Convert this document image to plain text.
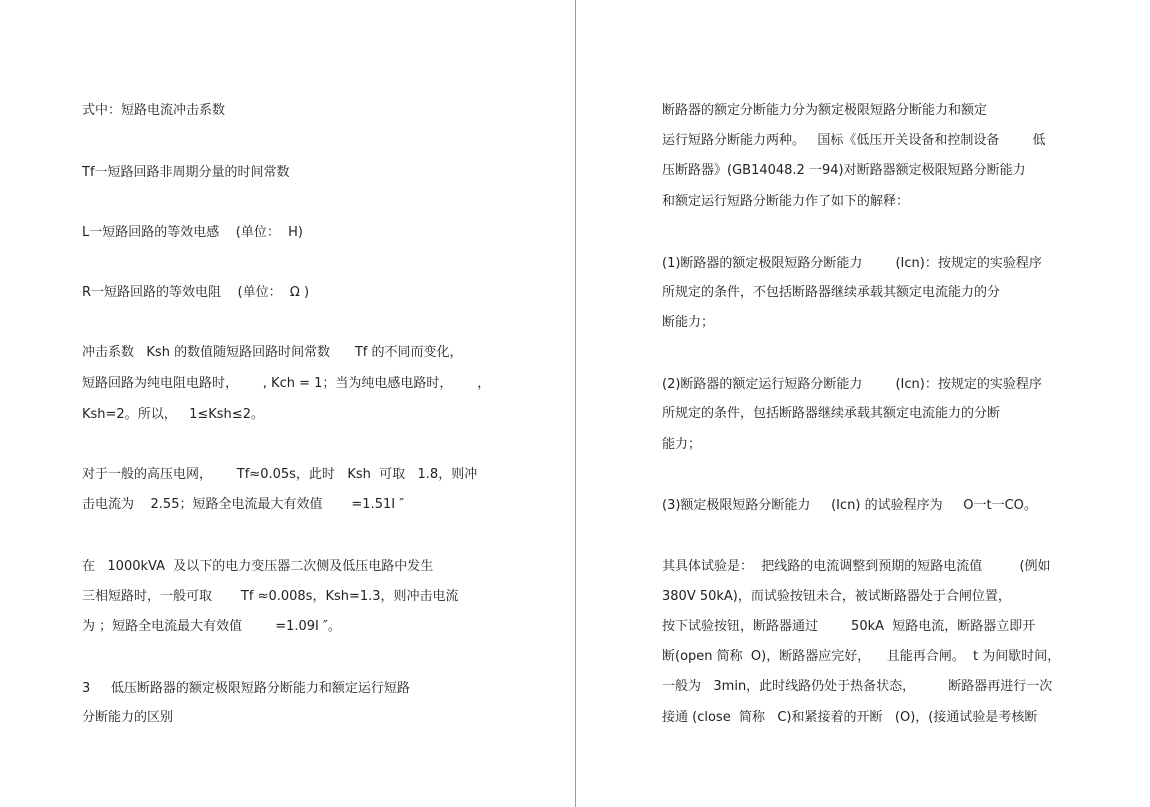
式中：短路电流冲击系数
Tf一短路回路非周期分量的时间常数
L一短路回路的等效电感    (单位：  H)
R一短路回路的等效电阻    (单位：  Ω )
冲击系数   Ksh 的数值随短路回路时间常数      Tf 的不同而变化，
短路回路为纯电阻电路时，      , Kch = 1；当为纯电感电路时，      ，
Ksh=2。所以，   1≤Ksh≤2。
对于一般的高压电网，      Tf≈0.05s，此时   Ksh  可取   1.8，则冲
击电流为    2.55；短路全电流最大有效值       =1.51I ″
在   1000kVA  及以下的电力变压器二次侧及低压电路中发生
三相短路时，一般可取       Tf ≈0.008s，Ksh=1.3，则冲击电流
为 ；短路全电流最大有效值        =1.09I ″。
3     低压断路器的额定极限短路分断能力和额定运行短路
分断能力的区别
断路器的额定分断能力分为额定极限短路分断能力和额定
运行短路分断能力两种。   国标《低压开关设备和控制设备        低
压断路器》(GB14048.2 一94)对断路器额定极限短路分断能力
和额定运行短路分断能力作了如下的解释：
(1)断路器的额定极限短路分断能力        (Icn)：按规定的实验程序
所规定的条件，不包括断路器继续承载其额定电流能力的分
断能力；
(2)断路器的额定运行短路分断能力        (Icn)：按规定的实验程序
所规定的条件，包括断路器继续承载其额定电流能力的分断
能力；
(3)额定极限短路分断能力     (Icn) 的试验程序为     O一t一CO。
其具体试验是：  把线路的电流调整到预期的短路电流值         (例如
380V 50kA)，而试验按钮未合，被试断路器处于合闸位置，
按下试验按钮，断路器通过        50kA  短路电流，断路器立即开
断(open 简称  O)，断路器应完好，    且能再合闸。  t 为间歇时间，
一般为   3min，此时线路仍处于热备状态，        断路器再进行一次
接通 (close  简称   C)和紧接着的开断   (O)，(接通试验是考核断
